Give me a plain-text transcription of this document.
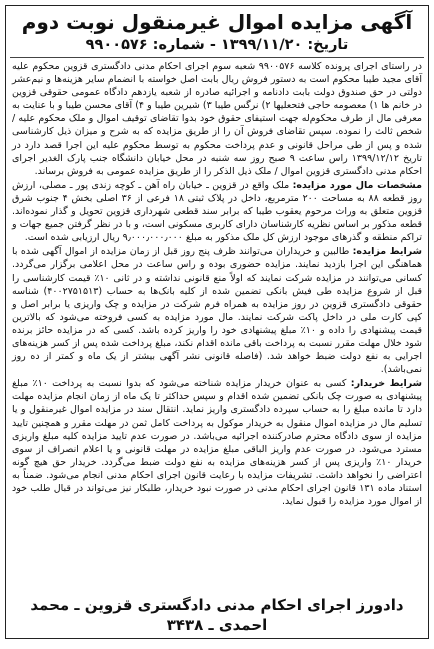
آگهی مزایده اموال غیرمنقول نوبت دوم
تاریخ: ۱۳۹۹/۱۱/۲۰ - شماره: ۹۹۰۰۵۷۶

در راستای اجرای پرونده کلاسه ۹۹۰۰۵۷۶ شعبه سوم اجرای احکام مدنی دادگستری قزوین محکوم علیه آقای مجید طیبا محکوم است به دستور فروش ریال بابت اصل خواسته با انضمام سایر هزینه‌ها و نیم‌عشر دولتی در حق صندوق دولت بابت دادنامه و اجرائیه صادره از شعبه یازدهم دادگاه عمومی حقوقی قزوین در خانم ها ۱) معصومه حاجی فتحعلیها ۲) نرگس طیبا ۳) شیرین طیبا و ۴) آقای محسن طیبا و با عنایت به معرفی مال از طرف محکوم‌له جهت استیفای حقوق خود بدوا تقاضای توقیف اموال و ملک محکوم علیه / شخص ثالث را نموده. سپس تقاضای فروش آن را از طریق مزایده که به شرح و میزان ذیل کارشناسی شده و پس از طی مراحل قانونی و عدم پرداخت محکوم به توسط محکوم علیه این اجرا قصد دارد در تاریخ ۱۳۹۹/۱۲/۱۲ راس ساعت ۹ صبح روز سه شنبه در محل خیابان دانشگاه جنب پارک الغدیر اجرای احکام مدنی دادگستری قزوین اموال / ملک ذیل الذکر را از طریق مزایده عمومی به فروش برساند.

مشخصات مال مورد مزایده: ملک واقع در قزوین ـ خیابان راه آهن ـ کوچه زندی پور ـ مصلی، ارزش روز قطعه ۸۸ به مساحت ۲۰۰ مترمربع، داخل در پلاک ثبتی ۱۸ فرعی از ۳۶ اصلی بخش ۴ جنوب شرق قزوین متعلق به وراث مرحوم یعقوب طیبا که برابر سند قطعی شهرداری قزوین تحویل و گذار نموده‌اند. قطعه مذکور بر اساس نظریه کارشناسان دارای کاربری مسکونی است، و با در نظر گرفتن جمیع جهات و تراکم منطقه و گذرهای موجود ارزش کل ملک مذکور به مبلغ ۹٫۰۰۰٫۰۰۰٫۰۰۰ ریال ارزیابی شده است.

شرایط مزایده: طالبین و خریداران می‌توانند ظرف پنج روز قبل از زمان مزایده از اموال آگهی شده با هماهنگی این اجرا بازدید نمایند. مزایده حضوری بوده و راس ساعت در محل اعلامی برگزار می‌گردد. کسانی می‌توانند در مزایده شرکت نمایند که اولاً منع قانونی نداشته و در ثانی ۱۰٪ قیمت کارشناسی را قبل از شروع مزایده طی فیش بانکی تضمین شده از کلیه بانک‌ها به حساب (۴۰۰۲۷۵۱۵۱۳) شناسه حقوقی دادگستری قزوین در روز مزایده به همراه فرم شرکت در مزایده و چک واریزی یا برابر اصل و کپی کارت ملی در داخل پاکت شرکت نمایند. مال مورد مزایده به کسی فروخته می‌شود که بالاترین قیمت پیشنهادی را داده و ۱۰٪ مبلغ پیشنهادی خود را واریز کرده باشد. کسی که در مزایده حائز برنده شود خلال مهلت مقرر نسبت به پرداخت باقی مانده اقدام نکند، مبلغ پرداخت شده پس از کسر هزینه‌های اجرایی به نفع دولت ضبط خواهد شد. (فاصله قانونی نشر آگهی بیشتر از یک ماه و کمتر از ده روز نمی‌باشد).

شرایط خریدار: کسی به عنوان خریدار مزایده شناخته می‌شود که بدوا نسبت به پرداخت ۱۰٪ مبلغ پیشنهادی به صورت چک بانکی تضمین شده اقدام و سپس حداکثر تا یک ماه از زمان انجام مزایده مهلت دارد تا مانده مبلغ را به حساب سپرده دادگستری واریز نماید. انتقال سند در مزایده اموال غیرمنقول و یا تسلیم مال در مزایده اموال منقول به خریدار موکول به پرداخت کامل ثمن در مهلت مقرر و همچنین تایید مزایده از سوی دادگاه محترم صادرکننده اجرائیه می‌باشد. در صورت عدم تایید مزایده کلیه مبلغ واریزی مسترد می‌شود. در صورت عدم واریز الباقی مبلغ مزایده در مهلت قانونی و یا اعلام انصراف از سوی خریدار ۱۰٪ واریزی پس از کسر هزینه‌های مزایده به نفع دولت ضبط می‌گردد. خریدار حق هیچ گونه اعتراضی را نخواهد داشت. تشریفات مزایده با رعایت قانون اجرای احکام مدنی انجام می‌شود. ضمناً به استناد ماده ۱۳۱ قانون اجرای احکام مدنی در صورت نبود خریدار، طلبکار نیز می‌تواند در قبال طلب خود از اموال مورد مزایده را قبول نماید.

دادورز اجرای احکام مدنی دادگستری قزوین ـ محمد احمدی ـ ۳۴۳۸
